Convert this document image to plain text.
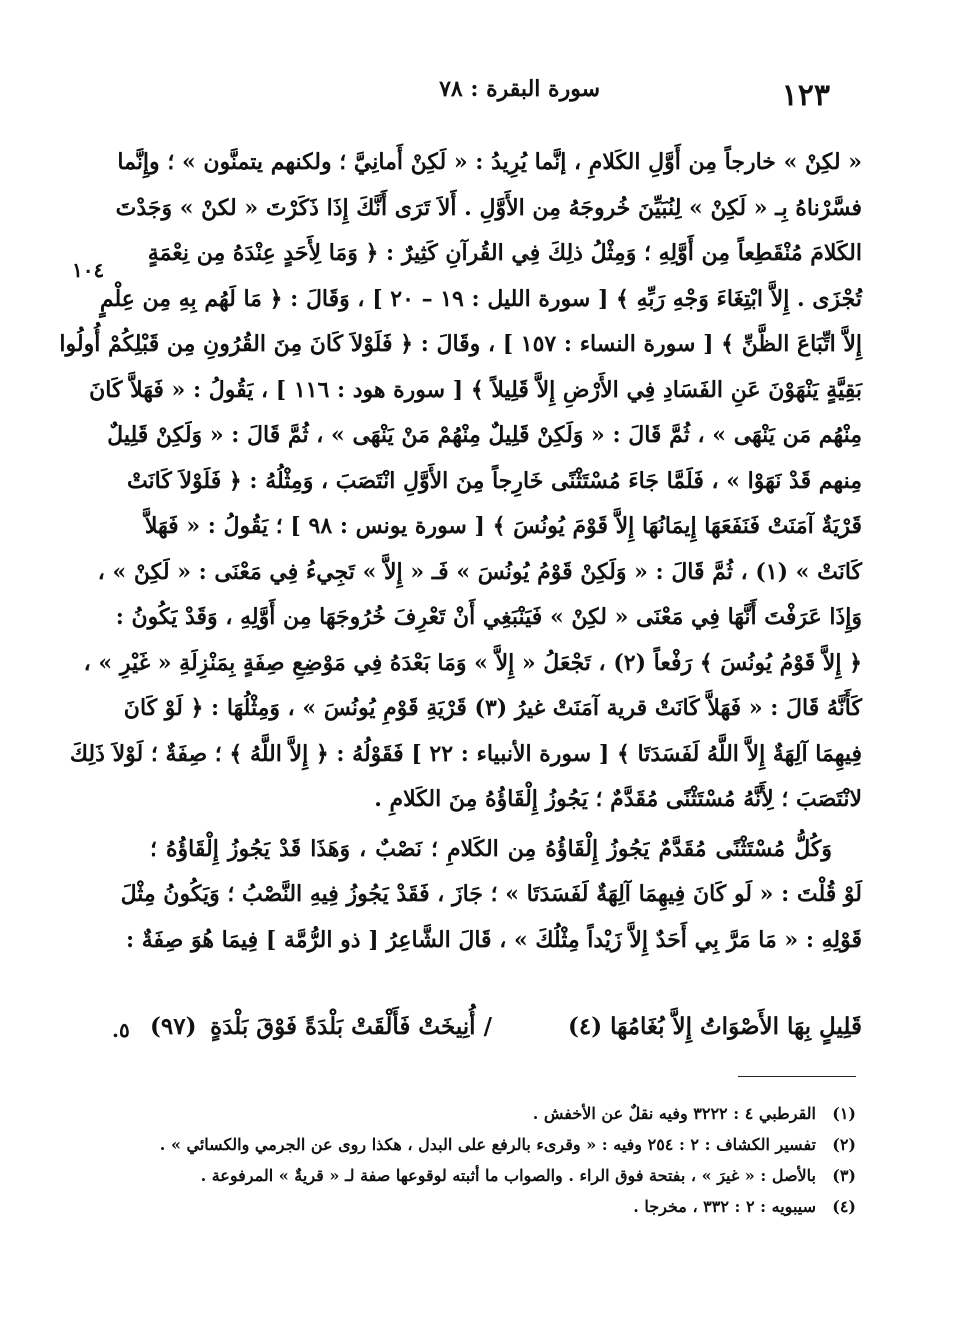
١٢٣
سورة البقرة : ٧٨
« لكِنْ » خارجاً مِن أَوَّلِ الكَلامِ ، إنَّما يُرِيدُ : « لَكِنْ أَمانِيَّ ؛ ولكنهم يتمنَّون » ؛ وإِنَّما
فسَّرْناهُ بِـ « لَكِنْ » لِنُبَيِّنَ خُروجَهُ مِن الأَوَّلِ . أَلاَ تَرَى أَنَّكَ إِذَا ذَكَرْتَ « لكنْ » وَجَدْتَ
الكَلامَ مُنْقَطِعاً مِن أَوَّلِهِ ؛ وَمِثْلُ ذلِكَ فِي القُرآنِ كَثِيرٌ : ﴿ وَمَا لِأَحَدٍ عِنْدَهُ مِن نِعْمَةٍ
تُجْزَى . إِلاَّ ابْتِغَاءَ وَجْهِ رَبِّهِ ﴾ [ سورة الليل : ١٩ – ٢٠ ] ، وَقَالَ : ﴿ مَا لَهُم بِهِ مِن عِلْمٍ
إِلاَّ اتِّبَاعَ الظَّنِّ ﴾ [ سورة النساء : ١٥٧ ] ، وقَالَ : ﴿ فَلَوْلاَ كَانَ مِنَ القُرُونِ مِن قَبْلِكُمْ أُولُوا
بَقِيَّةٍ يَنْهَوْنَ عَنِ الفَسَادِ فِي الأَرْضِ إِلاَّ قَلِيلاً ﴾ [ سورة هود : ١١٦ ] ، يَقُولُ : « فَهَلاَّ كَانَ
مِنْهُم مَن يَنْهَى » ، ثُمَّ قَالَ : « وَلَكِنْ قَلِيلٌ مِنْهُمْ مَنْ يَنْهَى » ، ثُمَّ قَالَ : « وَلَكِنْ قَلِيلٌ
مِنهم قَدْ نَهَوْا » ، فَلَمَّا جَاءَ مُسْتَثْنًى خَارِجاً مِنَ الأَوَّلِ انْتَصَبَ ، وَمِثْلُهُ : ﴿ فَلَوْلاَ كَانَتْ
قَرْيَةٌ آمَنَتْ فَنَفَعَهَا إِيمَانُهَا إِلاَّ قَوْمَ يُونُسَ ﴾ [ سورة يونس : ٩٨ ] ؛ يَقُولُ : « فَهَلاَّ
كَانَتْ » (١) ، ثُمَّ قَالَ : « وَلَكِنْ قَوْمُ يُونُسَ » فَـ « إِلاَّ » تَجِيءُ فِي مَعْنَى : « لَكِنْ » ،
وَإِذَا عَرَفْتَ أَنَّهَا فِي مَعْنَى « لكِنْ » فَيَنْبَغِي أَنْ تَعْرِفَ خُرُوجَهَا مِن أَوَّلِهِ ، وَقَدْ يَكُونُ :
﴿ إِلاَّ قَوْمُ يُونُسَ ﴾ رَفْعاً (٢) ، تَجْعَلُ « إِلاَّ » وَمَا بَعْدَهُ فِي مَوْضِعِ صِفَةٍ بِمَنْزِلَةِ « غَيْرِ » ،
كَأَنَّهُ قَالَ : « فَهَلاَّ كَانَتْ قرية آمَنَتْ غيرُ (٣) قَرْيَةِ قَوْمِ يُونُسَ » ، وَمِثْلُهَا : ﴿ لَوْ كَانَ
فِيهِمَا آلِهَةٌ إِلاَّ اللَّهُ لَفَسَدَتَا ﴾ [ سورة الأنبياء : ٢٢ ] فَقَوْلُهُ : ﴿ إِلاَّ اللَّهُ ﴾ ؛ صِفَةٌ ؛ لَوْلاَ ذَلِكَ
لانْتَصَبَ ؛ لِأَنَّهُ مُسْتَثْنًى مُقَدَّمٌ ؛ يَجُوزُ إِلْقَاؤُهُ مِنَ الكَلامِ .
وَكُلُّ مُسْتَثْنًى مُقَدَّمٌ يَجُوزُ إِلْقَاؤُهُ مِن الكَلامِ ؛ نَصْبٌ ، وَهَذَا قَدْ يَجُوزُ إِلْقَاؤُهُ ؛
لَوْ قُلْتَ : « لَو كَانَ فِيهِمَا آلِهَةٌ لَفَسَدَتَا » ؛ جَازَ ، فَقَدْ يَجُوزُ فِيهِ النَّصْبُ ؛ وَيَكُونُ مِثْلَ
قَوْلِهِ : « مَا مَرَّ بِي أَحَدٌ إِلاَّ زَيْداً مِثْلُكَ » ، قَالَ الشَّاعِرُ [ ذو الرُّمَّة ] فِيمَا هُوَ صِفَةٌ :
/ أُنِيخَتْ فَأَلْقَتْ بَلْدَةً فَوْقَ بَلْدَةٍ	قَلِيلٍ بِهَا الأَصْوَاتُ إِلاَّ بُغَامُهَا (٤)
(٩٧)
١٠٤
٥.
(١)القرطبي ٤ : ٣٢٢٢ وفيه نقلٌ عن الأخفش .
(٢)تفسير الكشاف : ٢ : ٢٥٤ وفيه : « وقرىء بالرفع على البدل ، هكذا روى عن الجرمي والكسائي » .
(٣)بالأصل : « غيرَ » ، بفتحة فوق الراء . والصواب ما أثبته لوقوعها صفة لـ « قريةٌ » المرفوعة .
(٤)سيبويه : ٢ : ٣٣٢ ، مخرجا .
